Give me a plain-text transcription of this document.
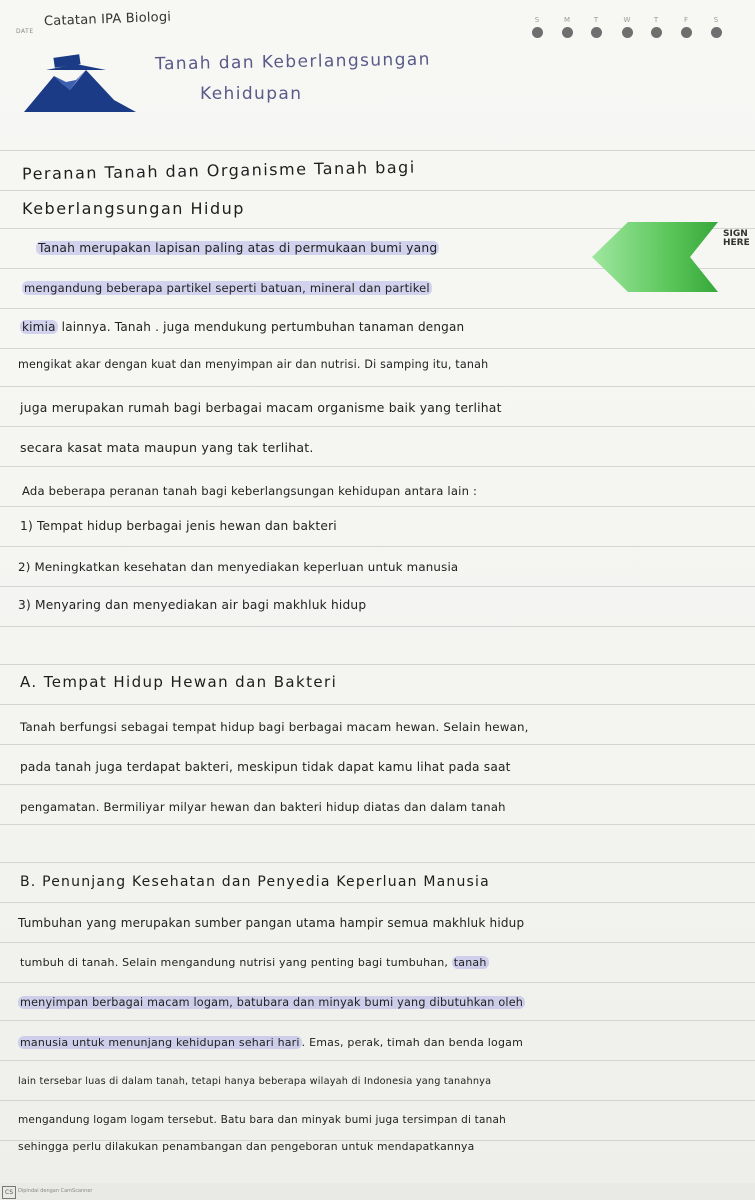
DATE
Catatan IPA Biologi	S	M	T	W	T	F	S
Tanah dan Keberlangsungan
Kehidupan
Peranan Tanah dan Organisme Tanah bagi
Keberlangsungan Hidup
SIGN HERE
Tanah merupakan lapisan paling atas di permukaan bumi yang
mengandung beberapa partikel seperti batuan, mineral dan partikel
kimia lainnya. Tanah . juga mendukung pertumbuhan tanaman dengan
mengikat akar dengan kuat dan menyimpan air dan nutrisi. Di samping itu, tanah
juga merupakan rumah bagi berbagai macam organisme baik yang terlihat
secara kasat mata maupun yang tak terlihat.
Ada beberapa peranan tanah bagi keberlangsungan kehidupan antara lain :
1) Tempat hidup berbagai jenis hewan dan bakteri
2) Meningkatkan kesehatan dan menyediakan keperluan untuk manusia
3) Menyaring dan menyediakan air bagi makhluk hidup
A. Tempat Hidup Hewan dan Bakteri
Tanah berfungsi sebagai tempat hidup bagi berbagai macam hewan. Selain hewan,
pada tanah juga terdapat bakteri, meskipun tidak dapat kamu lihat pada saat
pengamatan. Bermiliyar milyar hewan dan bakteri hidup diatas dan dalam tanah
B. Penunjang Kesehatan dan Penyedia Keperluan Manusia
Tumbuhan yang merupakan sumber pangan utama hampir semua makhluk hidup
tumbuh di tanah. Selain mengandung nutrisi yang penting bagi tumbuhan, tanah
menyimpan berbagai macam logam, batubara dan minyak bumi yang dibutuhkan oleh
manusia untuk menunjang kehidupan sehari hari . Emas, perak, timah dan benda logam
lain tersebar luas di dalam tanah, tetapi hanya beberapa wilayah di Indonesia yang tanahnya
mengandung logam logam tersebut. Batu bara dan minyak bumi juga tersimpan di tanah
sehingga perlu dilakukan penambangan dan pengeboran untuk mendapatkannya
CS	Dipindai dengan CamScanner
